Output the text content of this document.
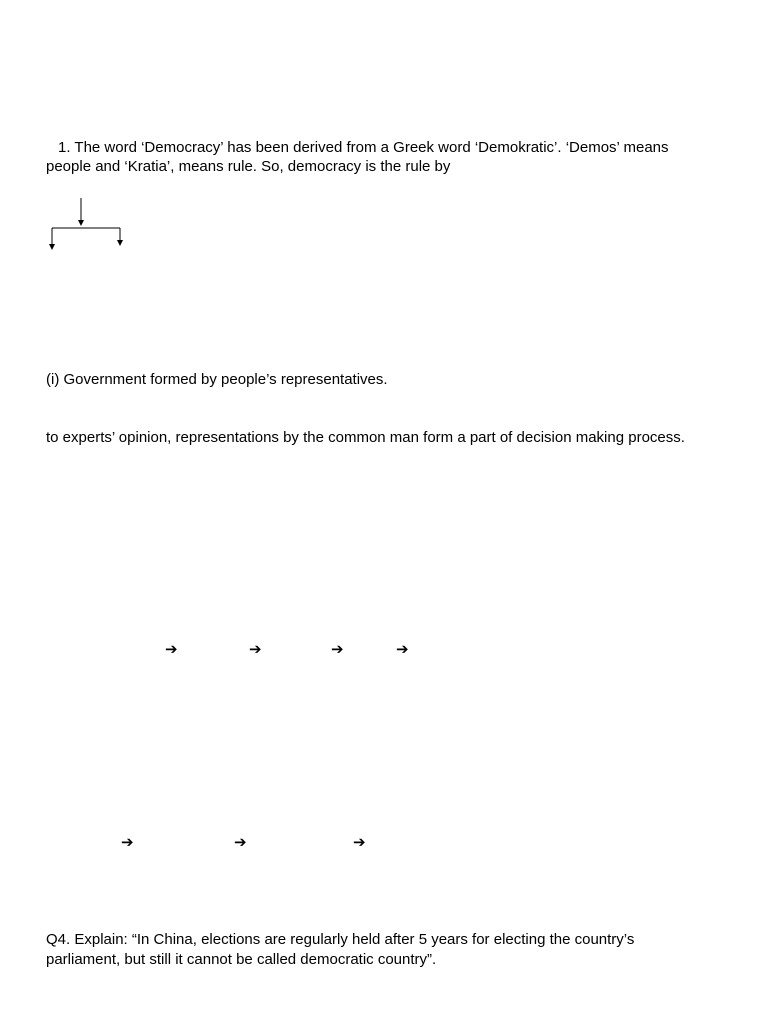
1. The word ‘Democracy’ has been derived from a Greek word ‘Demokratic’. ‘Demos’ means
people and ‘Kratia’, means rule. So, democracy is the rule by
(i) Government formed by people’s representatives.
to experts’ opinion, representations by the common man form a part of decision making process.
➔	➔	➔	➔
➔	➔	➔
Q4. Explain: “In China, elections are regularly held after 5 years for electing the country’s
parliament, but still it cannot be called democratic country”.
